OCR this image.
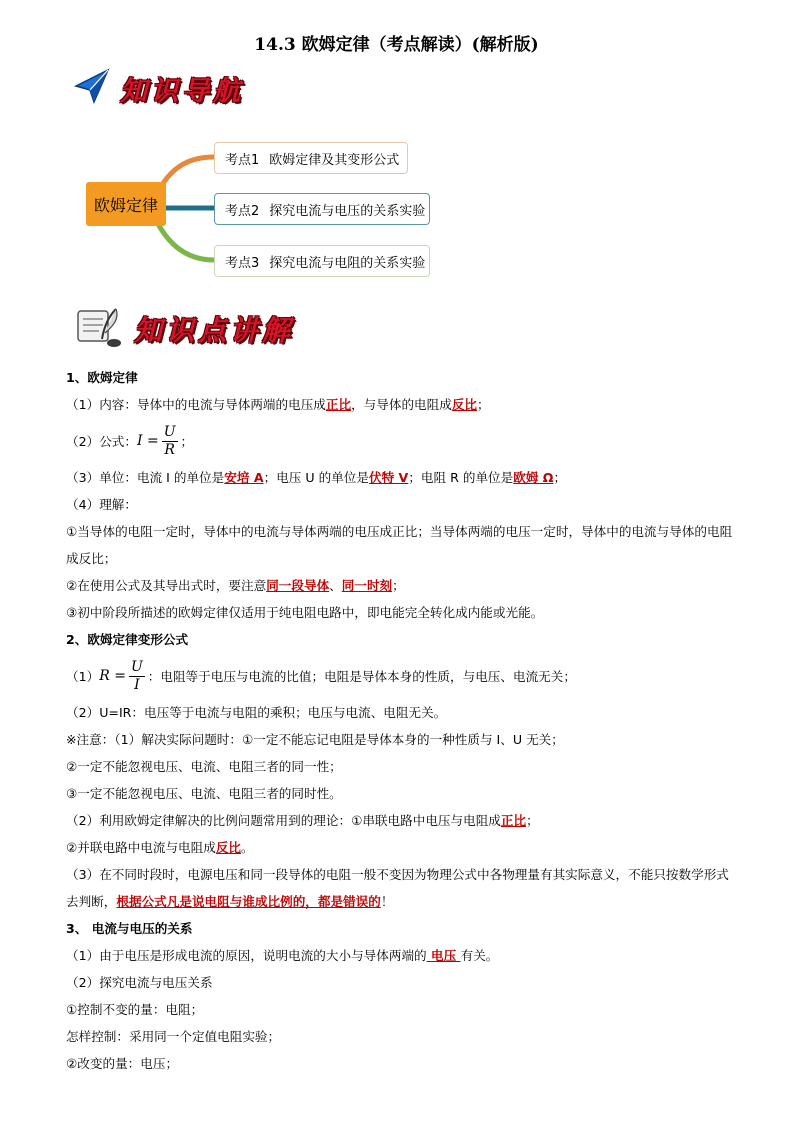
14.3 欧姆定律（考点解读）(解析版)
知识导航
欧姆定律
考点1 欧姆定律及其变形公式
考点2 探究电流与电压的关系实验
考点3 探究电流与电阻的关系实验
知识点讲解

1、欧姆定律

（1）内容：导体中的电流与导体两端的电压成正比，与导体的电阻成反比；

（2）公式： $I = \frac{U}{R}$ ；

（3）单位：电流 I 的单位是安培 A；电压 U 的单位是伏特 V；电阻 R 的单位是欧姆 Ω；

（4）理解：

①当导体的电阻一定时，导体中的电流与导体两端的电压成正比；当导体两端的电压一定时，导体中的电流与导体的电阻成反比；

②在使用公式及其导出式时，要注意同一段导体、同一时刻；

③初中阶段所描述的欧姆定律仅适用于纯电阻电路中，即电能完全转化成内能或光能。

2、欧姆定律变形公式

（1） $R = \frac{U}{I}$ ：电阻等于电压与电流的比值；电阻是导体本身的性质，与电压、电流无关；

（2）U=IR：电压等于电流与电阻的乘积；电压与电流、电阻无关。

※注意：（1）解决实际问题时：①一定不能忘记电阻是导体本身的一种性质与 I、U 无关；

②一定不能忽视电压、电流、电阻三者的同一性；

③一定不能忽视电压、电流、电阻三者的同时性。

（2）利用欧姆定律解决的比例问题常用到的理论：①串联电路中电压与电阻成正比；

②并联电路中电流与电阻成反比。

（3）在不同时段时，电源电压和同一段导体的电阻一般不变因为物理公式中各物理量有其实际意义，不能只按数学形式去判断，根据公式凡是说电阻与谁成比例的，都是错误的！

3、 电流与电压的关系

（1）由于电压是形成电流的原因，说明电流的大小与导体两端的 电压 有关。

（2）探究电流与电压关系

①控制不变的量：电阻；

怎样控制：采用同一个定值电阻实验；

②改变的量：电压；
